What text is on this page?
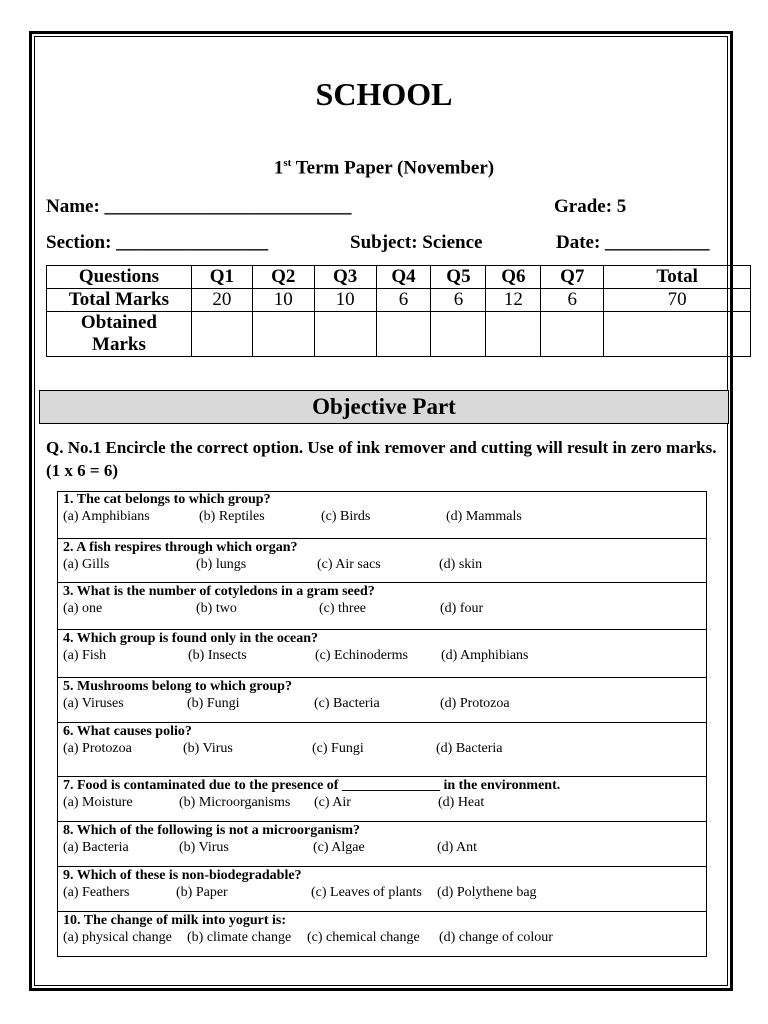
SCHOOL
1st Term Paper (November)
Name: __________________________	Grade: 5
Section: ________________	Subject: Science	Date: ___________
Questions	Q1	Q2	Q3	Q4	Q5	Q6	Q7	Total
Total Marks	20	10	10	6	6	12	6	70
Obtained Marks								
Objective Part
Q. No.1 Encircle the correct option. Use of ink remover and cutting will result in zero marks. (1 x 6 = 6)
1. The cat belongs to which group?
(a) Amphibians	(b) Reptiles	(c) Birds	(d) Mammals
2. A fish respires through which organ?
(a) Gills	(b) lungs	(c) Air sacs	(d) skin
3. What is the number of cotyledons in a gram seed?
(a) one	(b) two	(c) three	(d) four
4. Which group is found only in the ocean?
(a) Fish	(b) Insects	(c) Echinoderms (d) Amphibians
5. Mushrooms belong to which group?
(a) Viruses	(b) Fungi	(c) Bacteria	(d) Protozoa
6. What causes polio?
(a) Protozoa	(b) Virus	(c) Fungi	(d) Bacteria
7. Food is contaminated due to the presence of ______________ in the environment.
(a) Moisture	(b) Microorganisms (c) Air	(d) Heat
8. Which of the following is not a microorganism?
(a) Bacteria	(b) Virus	(c) Algae	(d) Ant
9. Which of these is non-biodegradable?
(a) Feathers	(b) Paper	(c) Leaves of plants (d) Polythene bag
10. The change of milk into yogurt is:
(a) physical change (b) climate change (c) chemical change (d) change of colour
